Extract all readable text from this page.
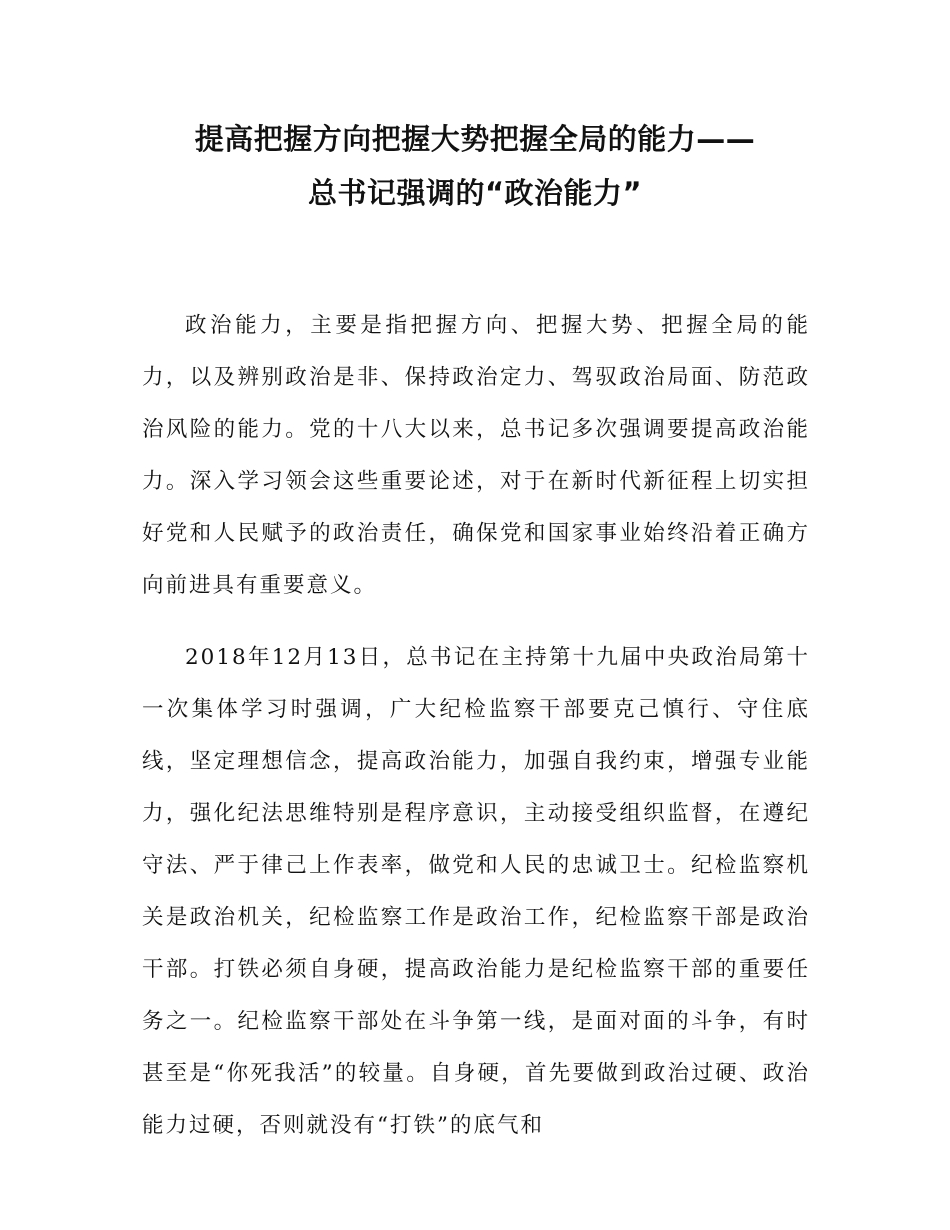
提高把握方向把握大势把握全局的能力——
总书记强调的“政治能力”

政治能力，主要是指把握方向、把握大势、把握全局的能力，以及辨别政治是非、保持政治定力、驾驭政治局面、防范政治风险的能力。党的十八大以来，总书记多次强调要提高政治能力。深入学习领会这些重要论述，对于在新时代新征程上切实担好党和人民赋予的政治责任，确保党和国家事业始终沿着正确方向前进具有重要意义。

2018年12月13日，总书记在主持第十九届中央政治局第十一次集体学习时强调，广大纪检监察干部要克己慎行、守住底线，坚定理想信念，提高政治能力，加强自我约束，增强专业能力，强化纪法思维特别是程序意识，主动接受组织监督，在遵纪守法、严于律己上作表率，做党和人民的忠诚卫士。纪检监察机关是政治机关，纪检监察工作是政治工作，纪检监察干部是政治干部。打铁必须自身硬，提高政治能力是纪检监察干部的重要任务之一。纪检监察干部处在斗争第一线，是面对面的斗争，有时甚至是“你死我活”的较量。自身硬，首先要做到政治过硬、政治能力过硬，否则就没有“打铁”的底气和
